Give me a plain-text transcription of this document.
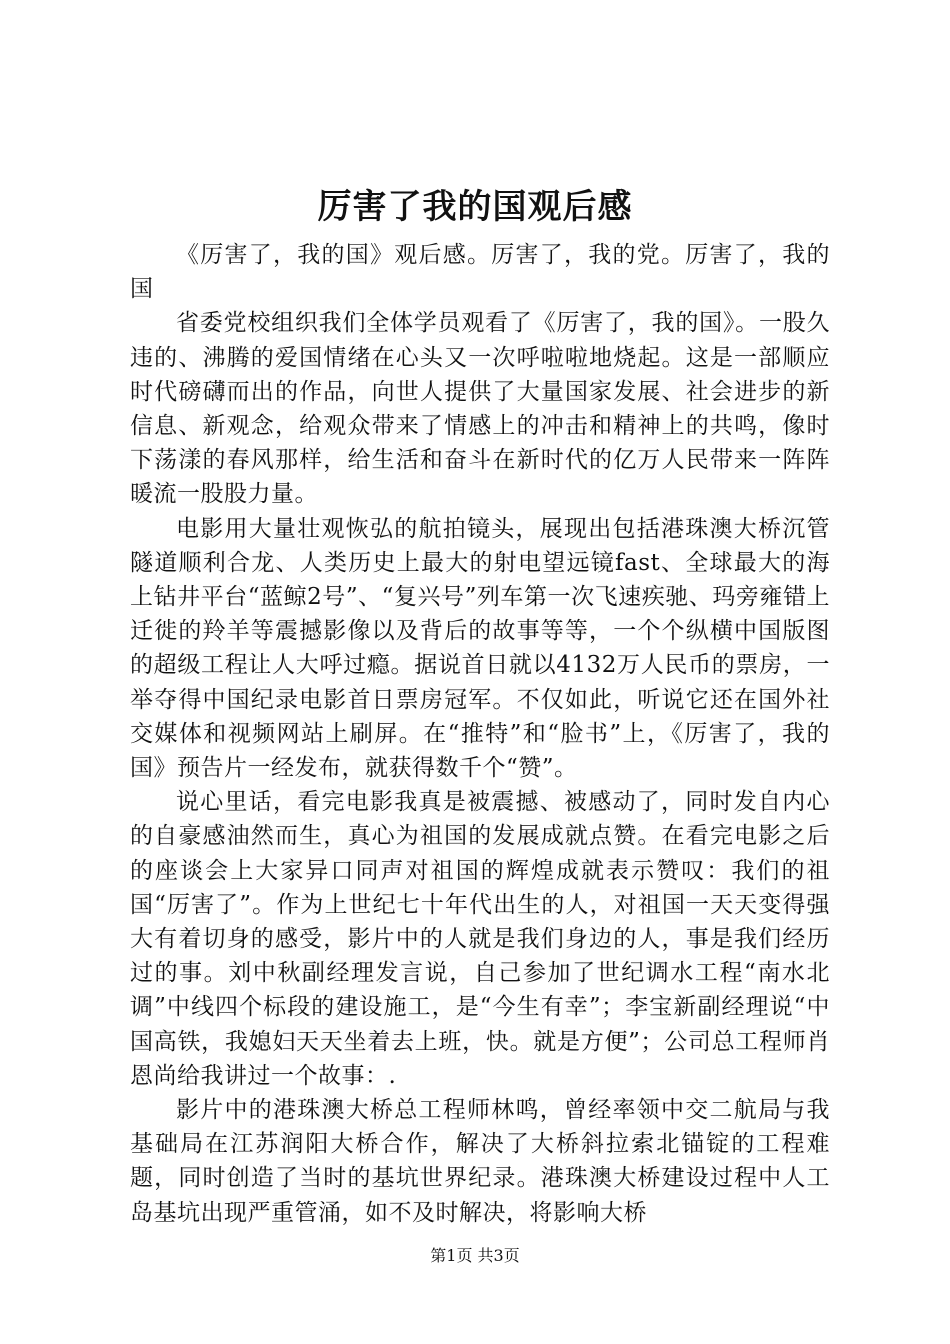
厉害了我的国观后感

《厉害了，我的国》观后感。厉害了，我的党。厉害了，我的国

省委党校组织我们全体学员观看了《厉害了，我的国》。一股久违的、沸腾的爱国情绪在心头又一次呼啦啦地烧起。这是一部顺应时代磅礴而出的作品，向世人提供了大量国家发展、社会进步的新信息、新观念，给观众带来了情感上的冲击和精神上的共鸣，像时下荡漾的春风那样，给生活和奋斗在新时代的亿万人民带来一阵阵暖流一股股力量。

电影用大量壮观恢弘的航拍镜头，展现出包括港珠澳大桥沉管隧道顺利合龙、人类历史上最大的射电望远镜fast、全球最大的海上钻井平台“蓝鲸2号”、“复兴号”列车第一次飞速疾驰、玛旁雍错上迁徙的羚羊等震撼影像以及背后的故事等等，一个个纵横中国版图的超级工程让人大呼过瘾。据说首日就以4132万人民币的票房，一举夺得中国纪录电影首日票房冠军。不仅如此，听说它还在国外社交媒体和视频网站上刷屏。在“推特”和“脸书”上，《厉害了，我的国》预告片一经发布，就获得数千个“赞”。

说心里话，看完电影我真是被震撼、被感动了，同时发自内心的自豪感油然而生，真心为祖国的发展成就点赞。在看完电影之后的座谈会上大家异口同声对祖国的辉煌成就表示赞叹：我们的祖国“厉害了”。作为上世纪七十年代出生的人，对祖国一天天变得强大有着切身的感受，影片中的人就是我们身边的人，事是我们经历过的事。刘中秋副经理发言说，自己参加了世纪调水工程“南水北调”中线四个标段的建设施工，是“今生有幸”；李宝新副经理说“中国高铁，我媳妇天天坐着去上班，快。就是方便”；公司总工程师肖恩尚给我讲过一个故事：.

影片中的港珠澳大桥总工程师林鸣，曾经率领中交二航局与我基础局在江苏润阳大桥合作，解决了大桥斜拉索北锚锭的工程难题，同时创造了当时的基坑世界纪录。港珠澳大桥建设过程中人工岛基坑出现严重管涌，如不及时解决，将影响大桥

第1页 共3页
